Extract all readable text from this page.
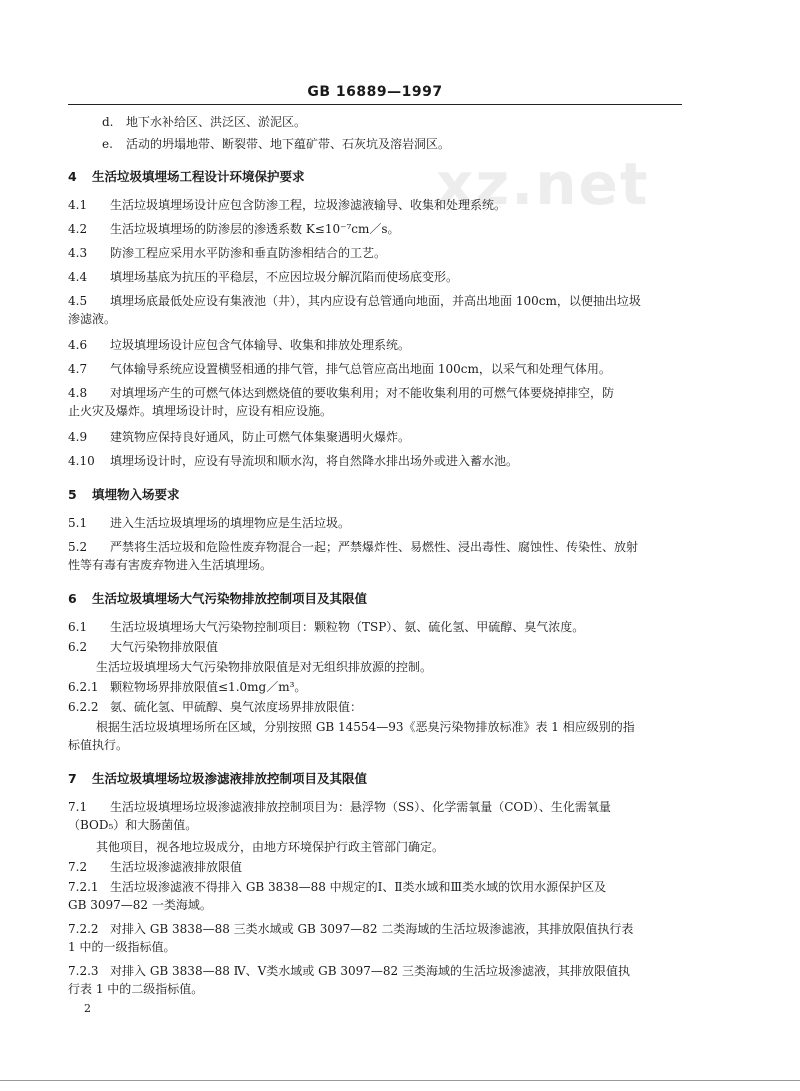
GB 16889—1997
xz.net

d. 地下水补给区、洪泛区、淤泥区。

e. 活动的坍塌地带、断裂带、地下蕴矿带、石灰坑及溶岩洞区。

4 生活垃圾填埋场工程设计环境保护要求

4.1 生活垃圾填埋场设计应包含防渗工程，垃圾渗滤液输导、收集和处理系统。

4.2 生活垃圾填埋场的防渗层的渗透系数 K≤10⁻⁷cm／s。

4.3 防渗工程应采用水平防渗和垂直防渗相结合的工艺。

4.4 填埋场基底为抗压的平稳层，不应因垃圾分解沉陷而使场底变形。

4.5 填埋场底最低处应设有集液池（井），其内应设有总管通向地面，并高出地面 100cm，以便抽出垃圾

渗滤液。

4.6 垃圾填埋场设计应包含气体输导、收集和排放处理系统。

4.7 气体输导系统应设置横竖相通的排气管，排气总管应高出地面 100cm，以采气和处理气体用。

4.8 对填埋场产生的可燃气体达到燃烧值的要收集利用；对不能收集利用的可燃气体要烧掉排空，防

止火灾及爆炸。填埋场设计时，应设有相应设施。

4.9 建筑物应保持良好通风，防止可燃气体集聚遇明火爆炸。

4.10 填埋场设计时，应设有导流坝和顺水沟，将自然降水排出场外或进入蓄水池。

5 填埋物入场要求

5.1 进入生活垃圾填埋场的填埋物应是生活垃圾。

5.2 严禁将生活垃圾和危险性废弃物混合一起；严禁爆炸性、易燃性、浸出毒性、腐蚀性、传染性、放射

性等有毒有害废弃物进入生活填埋场。

6 生活垃圾填埋场大气污染物排放控制项目及其限值

6.1 生活垃圾填埋场大气污染物控制项目：颗粒物（TSP）、氨、硫化氢、甲硫醇、臭气浓度。

6.2 大气污染物排放限值

生活垃圾填埋场大气污染物排放限值是对无组织排放源的控制。

6.2.1 颗粒物场界排放限值≤1.0mg／m³。

6.2.2 氨、硫化氢、甲硫醇、臭气浓度场界排放限值：

根据生活垃圾填埋场所在区域，分别按照 GB 14554—93《恶臭污染物排放标准》表 1 相应级别的指

标值执行。

7 生活垃圾填埋场垃圾渗滤液排放控制项目及其限值

7.1 生活垃圾填埋场垃圾渗滤液排放控制项目为：悬浮物（SS）、化学需氧量（COD）、生化需氧量

（BOD₅）和大肠菌值。

其他项目，视各地垃圾成分，由地方环境保护行政主管部门确定。

7.2 生活垃圾渗滤液排放限值

7.2.1 生活垃圾渗滤液不得排入 GB 3838—88 中规定的Ⅰ、Ⅱ类水域和Ⅲ类水域的饮用水源保护区及

GB 3097—82 一类海域。

7.2.2 对排入 GB 3838—88 三类水域或 GB 3097—82 二类海域的生活垃圾渗滤液，其排放限值执行表

1 中的一级指标值。

7.2.3 对排入 GB 3838—88 Ⅳ、Ⅴ类水域或 GB 3097—82 三类海域的生活垃圾渗滤液，其排放限值执

行表 1 中的二级指标值。

2
